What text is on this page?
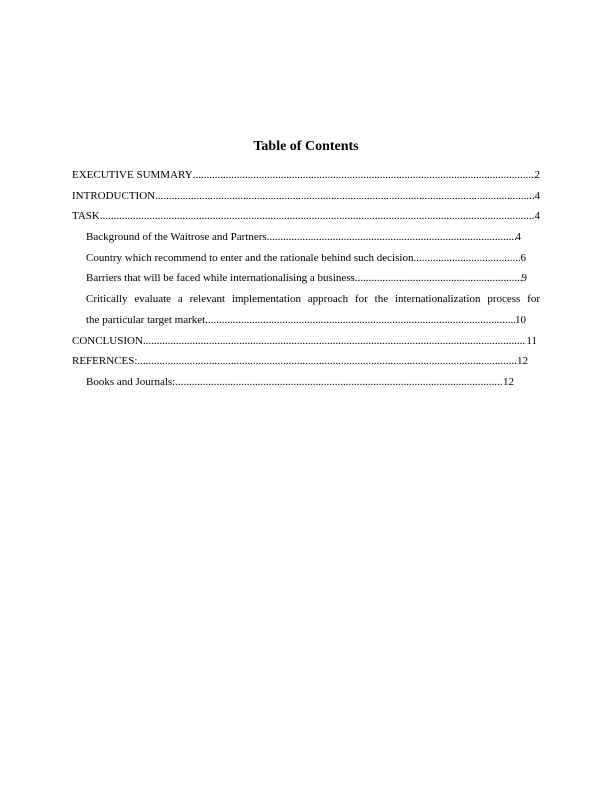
Table of Contents
EXECUTIVE SUMMARY .....	2
INTRODUCTION .....	4
TASK .....	4
Background of the Waitrose and Partners .....	4
Country which recommend to enter and the rationale behind such decision .....	6
Barriers that will be faced while internationalising a business .....	9
Critically evaluate a relevant implementation approach for the internationalization process for
the particular target market .....	10
CONCLUSION .....	11
REFERNCES: .....	12
Books and Journals: .....	12
